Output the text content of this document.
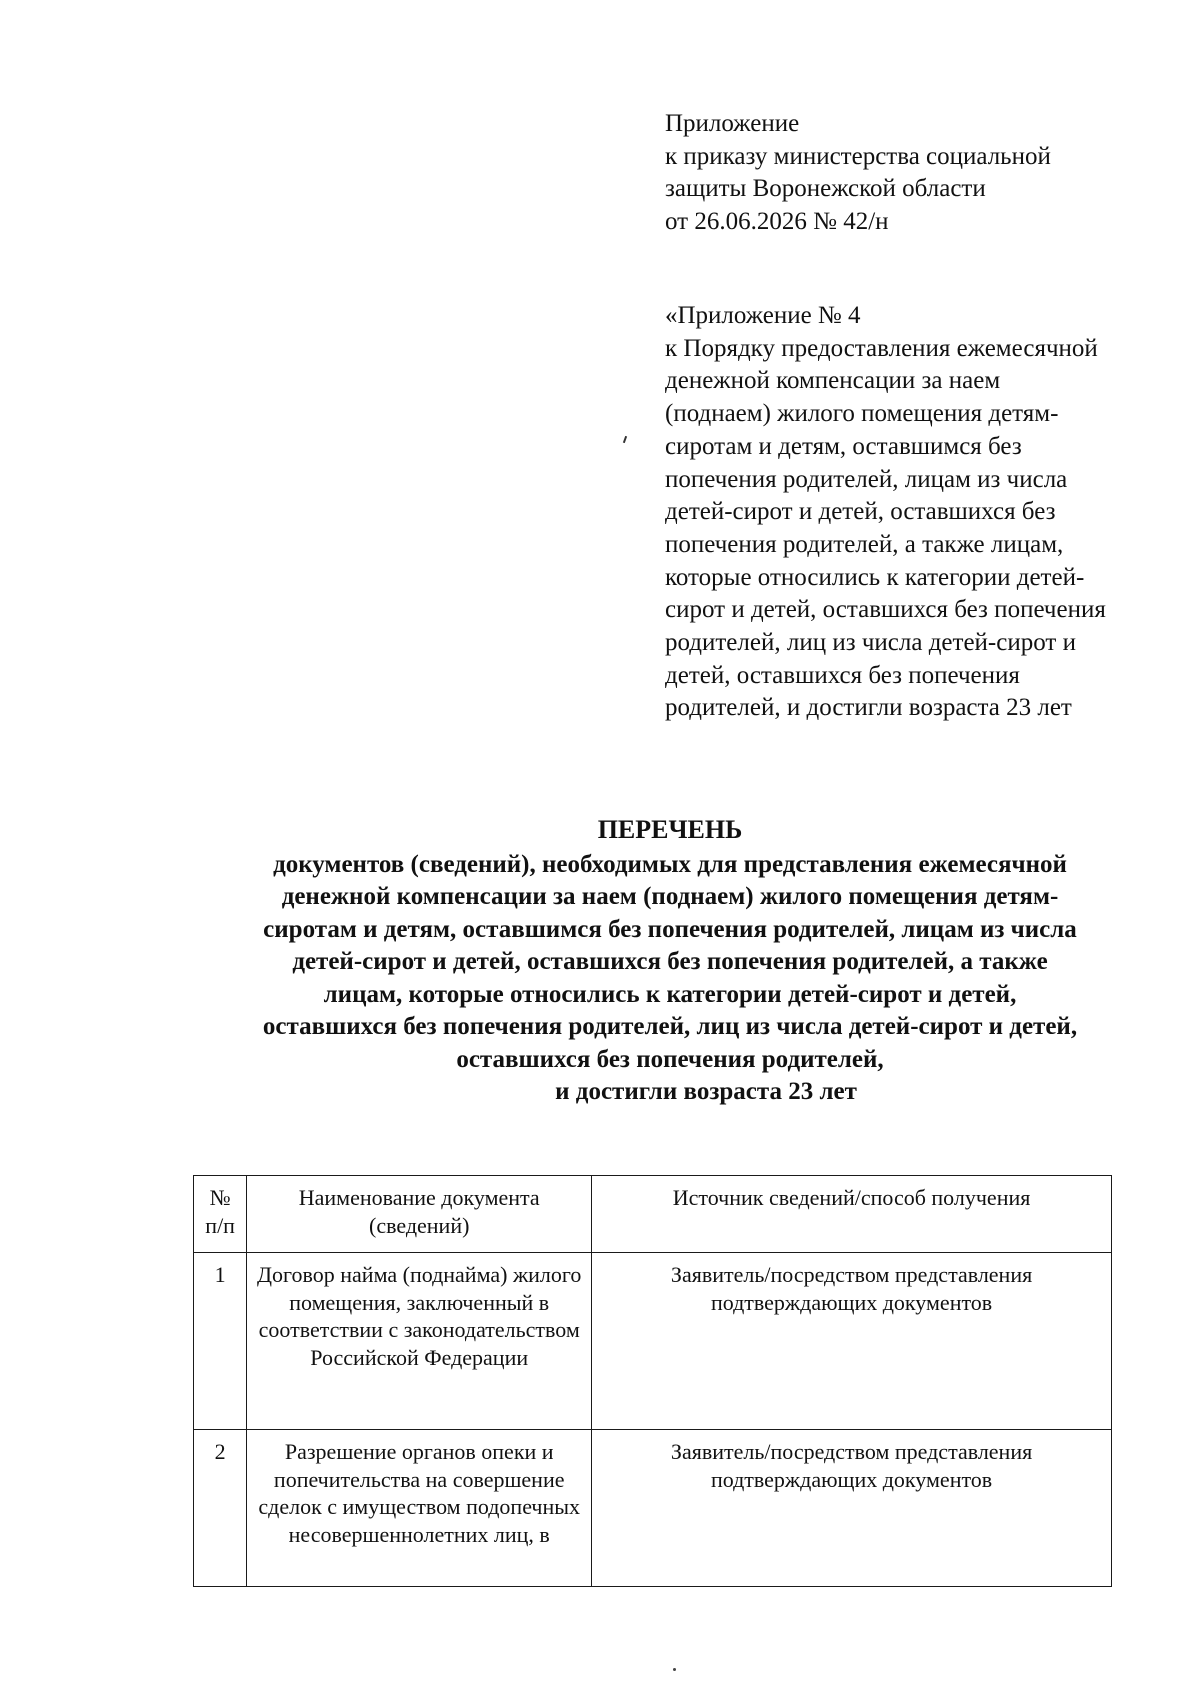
Приложение
к приказу министерства социальной
защиты Воронежской области
от 26.06.2026 № 42/н
«Приложение № 4
к Порядку предоставления ежемесячной
денежной компенсации за наем
(поднаем) жилого помещения детям-
сиротам и детям, оставшимся без
попечения родителей, лицам из числа
детей-сирот и детей, оставшихся без
попечения родителей, а также лицам,
которые относились к категории детей-
сирот и детей, оставшихся без попечения
родителей, лиц из числа детей-сирот и
детей, оставшихся без попечения
родителей, и достигли возраста 23 лет
ПЕРЕЧЕНЬ
документов (сведений), необходимых для представления ежемесячной
денежной компенсации за наем (поднаем) жилого помещения детям-
сиротам и детям, оставшимся без попечения родителей, лицам из числа
детей-сирот и детей, оставшихся без попечения родителей, а также
лицам, которые относились к категории детей-сирот и детей,
оставшихся без попечения родителей, лиц из числа детей-сирот и детей,
оставшихся без попечения родителей,
и достигли возраста 23 лет
№ п/п	Наименование документа (сведений)	Источник сведений/способ получения
1	Договор найма (поднайма) жилого помещения, заключенный в соответствии с законодательством Российской Федерации	Заявитель/посредством представления подтверждающих документов
2	Разрешение органов опеки и попечительства на совершение сделок с имуществом подопечных несовершеннолетних лиц, в	Заявитель/посредством представления подтверждающих документов
